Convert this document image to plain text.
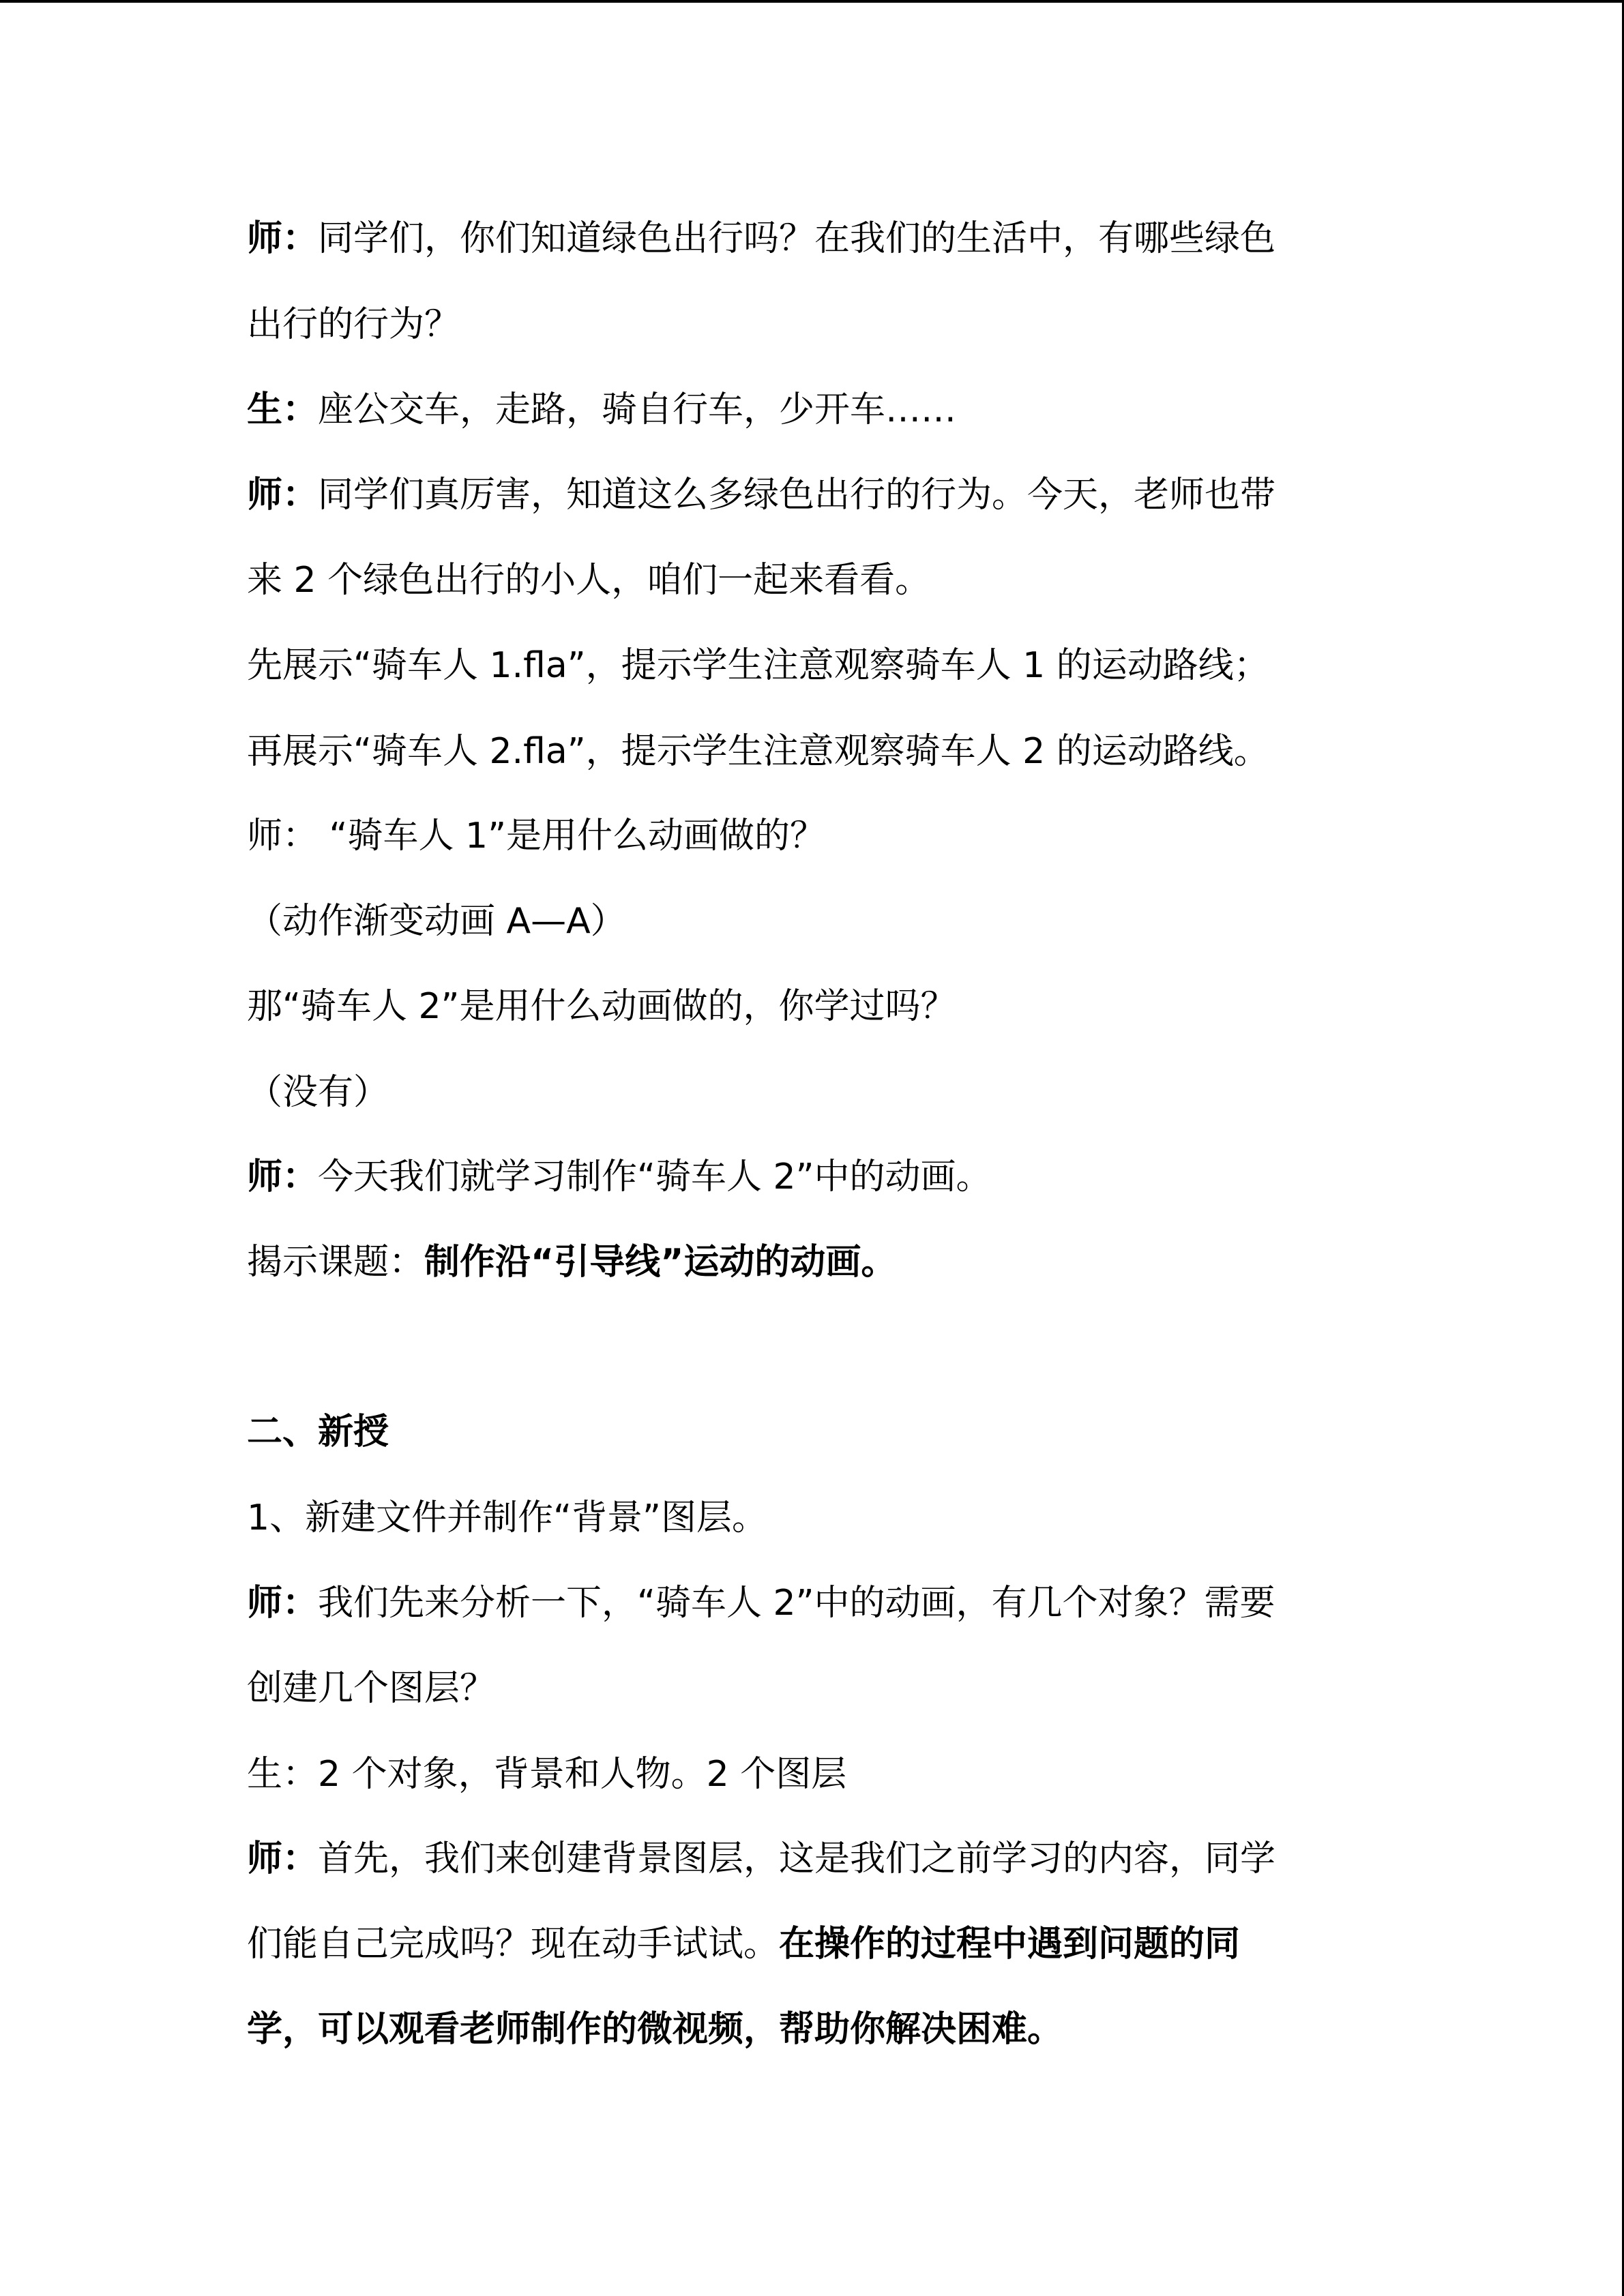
师：同学们，你们知道绿色出行吗？在我们的生活中，有哪些绿色
出行的行为？
生：座公交车，走路，骑自行车，少开车……
师：同学们真厉害，知道这么多绿色出行的行为。今天，老师也带
来 2 个绿色出行的小人，咱们一起来看看。
先展示“骑车人 1.fla”，提示学生注意观察骑车人 1 的运动路线；
再展示“骑车人 2.fla”，提示学生注意观察骑车人 2 的运动路线。
师： “骑车人 1”是用什么动画做的？
（动作渐变动画 A—A）
那“骑车人 2”是用什么动画做的，你学过吗？
（没有）
师：今天我们就学习制作“骑车人 2”中的动画。
揭示课题：制作沿“引导线”运动的动画。
二、新授
1、新建文件并制作“背景”图层。
师：我们先来分析一下，“骑车人 2”中的动画，有几个对象？需要
创建几个图层？
生：2 个对象，背景和人物。2 个图层
师：首先，我们来创建背景图层，这是我们之前学习的内容，同学
们能自己完成吗？现在动手试试。在操作的过程中遇到问题的同
学，可以观看老师制作的微视频，帮助你解决困难。
